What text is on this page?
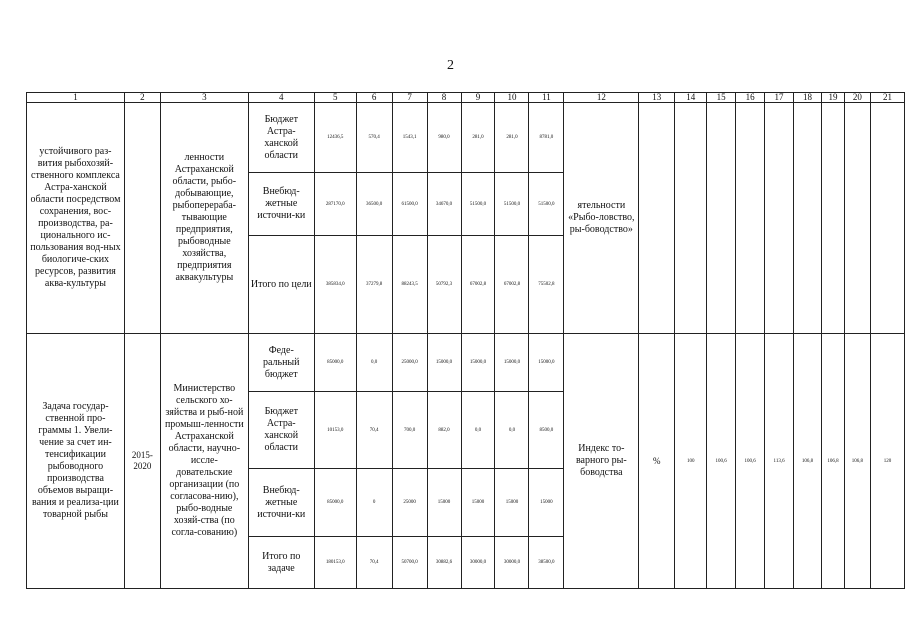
2
1	2	3	4	5	6	7	8	9	10	11	12	13	14	15	16	17	18	19	20	21
устойчивого раз-вития рыбохозяй-ственного комплекса Астра-ханской области посредством сохранения, вос-производства, ра-ционального ис-пользования вод-ных биологиче-ских ресурсов, развития аква-культуры		ленности Астраханской области, рыбо-добывающие, рыбоперераба-тывающие предприятия, рыбоводные хозяйства, предприятия аквакультуры	Бюджет Астра-ханской области	12436,5	570,4	1543,1	980,0	281,0	281,0	8781,0	ятельности «Рыбо-ловство, ры-боводство»									
			Внебюд-жетные источни-ки	287170,0	36500,0	61500,0	34670,0	51500,0	51500,0	51500,0										
			Итого по цели	385834,0	37279,8	88243,5	50792,3	67002,8	67002,8	75502,8										
Задача государ-ственной про-граммы 1. Увели-чение за счет ин-тенсификации рыбоводного производства объемов выращи-вания и реализа-ции товарной рыбы	2015-2020	Министерство сельского хо-зяйства и рыб-ной промыш-ленности Астраханской области, научно-иссле-довательские организации (по согласова-нию), рыбо-водные хозяй-ства (по согла-сованию)	Феде-ральный бюджет	85000,0	0,0	25000,0	15000,0	15000,0	15000,0	15000,0	Индекс то-варного ры-боводства	%	100	100,6	100,6	113,6	106,8	106,8	106,8	120
			Бюджет Астра-ханской области	10153,0	70,4	700,0	882,0	0,0	0,0	8500,0										
			Внебюд-жетные источни-ки	85000,0	0	25000	15000	15000	15000	15000										
			Итого по задаче	180153,0	70,4	50700,0	30882,6	30000,0	30000,0	38500,0										
